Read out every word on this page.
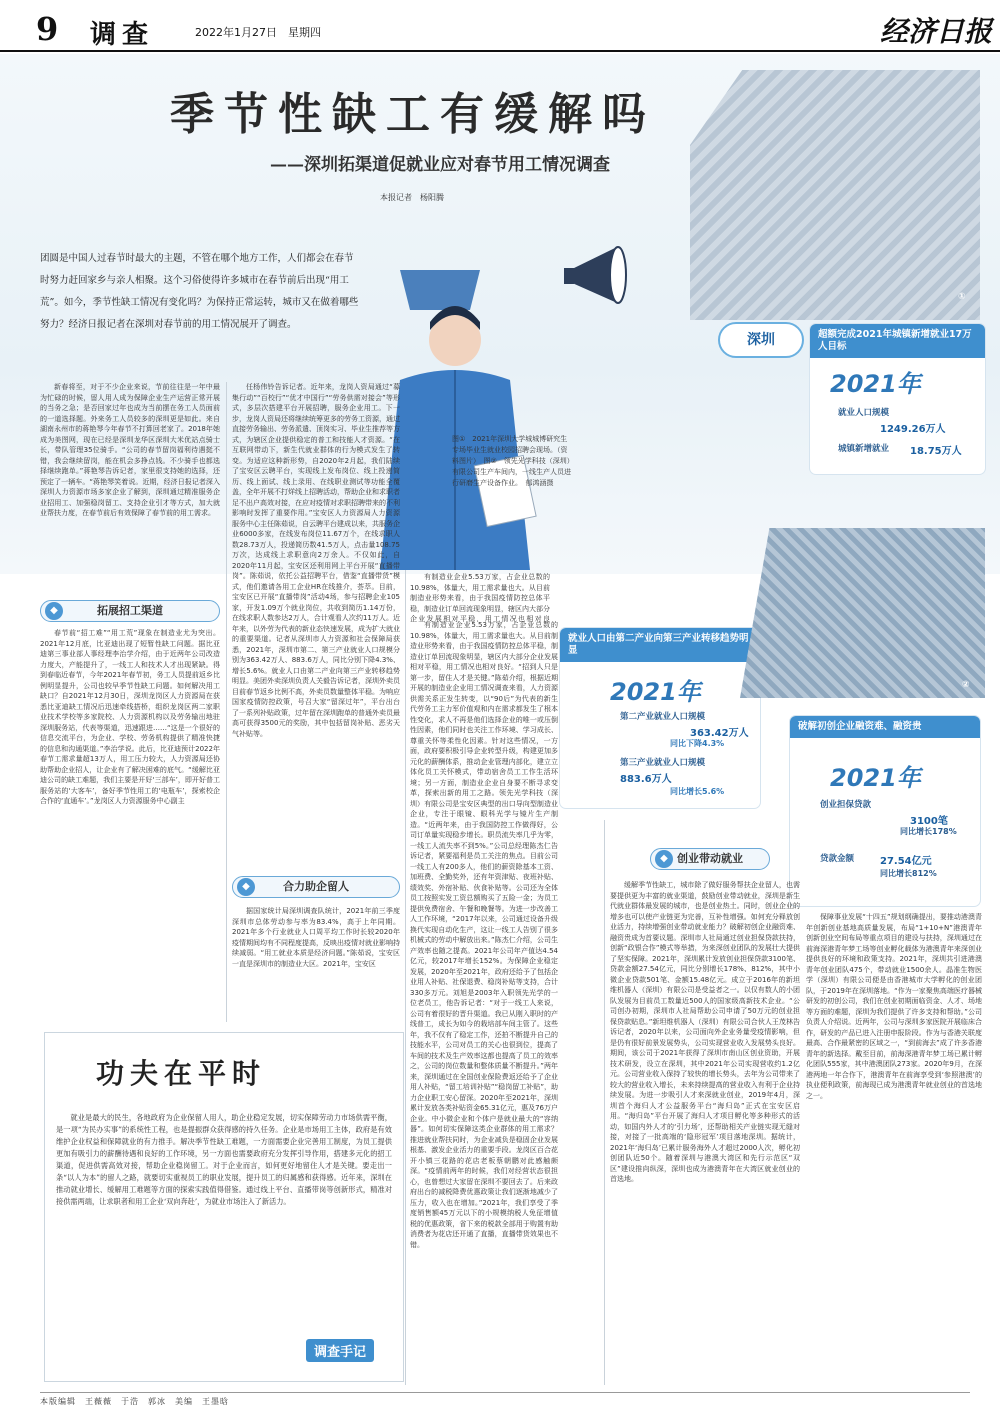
9 调查	2022年1月27日　星期四	经济日报
①
季节性缺工有缓解吗
——深圳拓渠道促就业应对春节用工情况调查
本报记者　杨阳腾
团圆是中国人过春节时最大的主题，不管在哪个地方工作，人们都会在春节时努力赶回家乡与亲人相聚。这个习俗使得许多城市在春节前后出现“用工荒”。如今，季节性缺工情况有变化吗？为保持正常运转，城市又在做着哪些努力？经济日报记者在深圳对春节前的用工情况展开了调查。
深圳	超额完成2021年城镇新增就业17万人目标
2021年
就业人口规模
1249.26万人
城镇新增就业 18.75万人
就业人口由第二产业向第三产业转移趋势明显
2021年
第二产业就业人口规模
363.42万人
同比下降4.3%
第三产业就业人口规模
883.6万人
同比增长5.6%
②
破解初创企业融资难、融资贵
2021年
创业担保贷款
3100笔
同比增长178%
贷款金额	27.54亿元
同比增长812%
图①　2021年深圳大学城城博研究生专场毕业生就业校园招聘会现场。（资料图片）　图②　领先光学科技（深圳）有限公司生产车间内，一线生产人员进行研磨生产设备作业。　郁鸿涵摄

新春将至，对于不少企业来说，节前往往是一年中最为忙碌的时候，留人用人成为保障企业生产运营正常开展的当务之急；是否回家过年也成为当前摆在务工人员面前的一道选择题。外来务工人员较多的深圳更是如此。来自湖南永州市的蒋艳琴今年春节不打算回老家了。2018年她成为美图网，现在已经是深圳龙华区深圳大米优站点骑士长，带队管理35位骑手。“公司的春节留岗福利待遇挺不错，我会继续留岗，能在机会多挣点钱。不少骑手也都选择继续跑单。”蒋艳琴告诉记者，家里很支持她的选择，还预定了一辆车。“蒋艳琴笑着说。近期，经济日报记者深入深圳人力资源市场多家企业了解到，深圳通过精准服务企业招用工、加强稳岗留工、支持企业引才等方式，加大就业帮扶力度，在春节前后有效保障了春节前的用工需求。

◆	拓展招工渠道

春节前“招工难”“用工荒”现象在制造业尤为突出。2021年12月底，比亚迪出现了短暂性缺工问题。据比亚迪第三事业部人事经理李治学介绍，由于近两年公司改造力度大，产能提升了，一线工人和技术人才出现紧缺。得到春临近春节，今年2021年春节初，务工人员提前返乡比例明显提升，公司也较早季节性缺工问题。如何解决用工缺口？自2021年12月30日，深圳龙岗区人力资源局在获悉比亚迪缺工情况后迅速牵线搭桥，组织龙岗区两二家职业技术学校等多家院校、人力资源机构以及劳务输出地驻深圳服务站，代表等渠道，迅速跟进……“这是一个很好的信息交流平台，为企业、学校、劳务机构提供了精准快捷的信息和沟通渠道。”李治学说。此后，比亚迪预计2022年春节工需求量超13万人，用工压力较大，人力资源局还协助帮助企业招人，让企业有了解决困难的底气。“缓解比亚迪公司的缺工难题，我们主要是开好‘三部车’，即开好普工服务站的‘大客车’，备好季节性用工的‘电瓶车’，探索校企合作的‘直通车’。”龙岗区人力资源服务中心副主

任杨伟铃告诉记者。近年来，龙岗人资局通过“募集行动”“百校行”“优才中国行”“劳务供需对接会”等形式，多层次搭建平台开展招聘，服务企业用工。下一步，龙岗人资局还将继续统筹更多的劳务工资源，通过直接劳务输出、劳务派遣、顶岗实习、毕业生推荐等方式，为辖区企业提供稳定的普工和技能人才资源。“在互联网带动下，新生代就业群体的行为模式发生了转变。为适应这种新形势，自2020年2月起，我们陆续了宝安区云聘平台，实现线上发布岗位、线上投递简历、线上面试、线上录用、在线职业测试等功能全覆盖，全年开展不打烊线上招聘活动，帮助企业和求职者足不出户高效对接，在应对疫情对求职招聘带来的不利影响时发挥了重要作用。”宝安区人力资源局人力资源服务中心主任陈茹说，自云聘平台建成以来，共服务企业6000多家，在线发布岗位11.67万个，在线求职人数28.73万人，投递简历数41.5万人，点击量108.75万次，达成线上求职意向2万余人。不仅如此，自2020年11月起，宝安区还利用网上平台开展“直播带岗”。陈茹说，依托公益招聘平台，借鉴“直播带货”模式，他们邀请各用工企业HR在线推介，荟萃。目前，宝安区已开展“直播带岗”活动4场，参与招聘企业105家，开发1.09万个就业岗位，共收到简历1.14万份，在线求职人数参达2万人，合计观看人次约11万人。近年来，以外劳为代表的新业态快速发展，成为扩大就业的重要渠道。记者从深圳市人力资源和社会保障局获悉，2021年，深圳市第二、第三产业就业人口规模分别为363.42万人、883.6万人，同比分别下降4.3%、增长5.6%。就业人口由第二产业向第三产业转移趋势明显。美团外卖深圳负责人关毅告诉记者，深圳外卖员目前春节返乡比例不高，外卖员数量整体平稳。为响应国家疫情防控政策，号召大家“留深过年”，平台出台了一系列补贴政策，过年留在深圳跑单的普通外卖员最高可获得3500元的奖励，其中包括留岗补贴、恶劣天气补贴等。

◆	合力助企留人

据国家统计局深圳调查队统计，2021年前三季度深圳市总体劳动参与率为83.4%，高于上年同期。2021年多个行业就业人口周平均工作时长较2020年疫情期间均有不同程度提高，反映出疫情对就业影响持续减弱。“用工就业本质是经济问题。”陈茹说，宝安区一直是深圳市的制造业大区。2021年，宝安区

有制造业企业5.53万家，占企业总数的10.98%，体量大，用工需求量也大。从目前制造业形势来看，由于我国疫情防控总体平稳，制造业订单回流现象明显，辖区内大部分企业发展相对平稳，用工情况也相对良

有制造业企业5.53万家，占企业总数的10.98%，体量大，用工需求量也大。从目前制造业形势来看，由于我国疫情防控总体平稳，制造业订单回流现象明显，辖区内大部分企业发展相对平稳，用工情况也相对良好。“招到人只是第一步，留住人才是关键。”陈茹介绍，根据近期开展的制造业企业用工情况调查来看，人力资源供需关系正发生转变，以“90后”为代表的新生代劳务工主力军价值观和内在需求都发生了根本性变化，求人不再是他们选择企业的唯一或压倒性因素，他们同时也关注工作环境、学习成长、尊重关怀等柔性化因素。针对这些情况，一方面，政府要积极引导企业转型升级，构建更加多元化的薪酬体系，推动企业管理内部化，建立立体化员工关怀模式，带动宿舍员工工作生活环境；另一方面，制造业企业自身要不断寻求变革，探索出新的用工之路。领先光学科技（深圳）有限公司是宝安区典型的出口导向型制造业企业，专注于眼镜、眼科光学与镜片生产制造。“近两年来，由于我国防控工作做得好，公司订单量实现稳步增长。职员流失率几乎为零，一线工人流失率不到5%。”公司总经理陈杰仁告诉记者，紧要福利是员工关注的焦点。目前公司一线工人有200多人，他们的薪资除基本工资、加班费、全勤奖外，还有年资津贴、夜班补贴、绩效奖、外宿补贴、伙食补贴等。公司还为全体员工按照实发工资总额购买了五险一金；为员工提供免费宿舍、午餐和晚餐等。为进一步改善工人工作环境，“2017年以来，公司通过设备升级换代实现自动化生产，这让一线工人告别了很多机械式的劳动中解放出来。”陈杰仁介绍，公司生产效率也随之提高。2021年公司年产值达4.54亿元，较2017年增长152%。为保障企业稳定发展，2020年至2021年，政府还给予了包括企业用人补贴、社保退费、稳岗补贴等支持，合计330多万元。刘旭是2003年入职领先光学的一位老员工，他告诉记者：“对于一线工人来说，公司有着很好的晋升渠道。我已从刚入职时的产线普工，成长为如今的栽培部车间主管了。这些年，我不仅有了稳定工作，还拍不断提升自己的技能水平，公司对员工的关心也很到位，提高了车间的技术及生产效率这都也提高了员工的效率之，公司的岗位数量和整体质量不断提升。”两年来，深圳通过在全国创业保险费返还给予了企业用人补贴，“留工培训补贴”“稳岗留工补贴”，助力企业职工安心留深。2020年至2021年，深圳累计发放各类补贴资金65.31亿元，惠及76万户企业。中小微企业和个体户是就业最大的“容纳器”。如何切实保障这类企业群体的用工需求？推进就业帮扶同时，为企业减负是稳固企业发展根基、激发企业活力的重要手段。龙岗区百合花开小镇三花路的花店老板蔡朝鹏对此感触颇深。“疫情前两年的时候，我们对经营状态很担心，也曾想过大家留在深圳不要回去了。后来政府出台的减税降费优惠政策让我们逐渐地减少了压力，收入也在增加。”2021年，我们享受了季度销售额45万元以下的小规模纳税人免征增值税的优惠政策，省下来的税款全部用于购置有助消费者为花店还开通了直播，直播带货效果也不错。

◆ 创业带动就业

缓解季节性缺工，城市除了做好服务帮扶企业留人，也需要提供更为丰富的就业渠道，鼓励创业带动就业，深圳是新生代就业群体最发展的城市，也是创业热土。同时，创业企业的增多也可以使产业链更为完善，互补性增强。如何充分释放创业活力，持续增强创业带动就业能力？破解初创企业融资难、融资贵成为首要议题。深圳市人社局通过创业担保贷款扶持，创新“政银合作”模式等举措，为来深创业团队的发展壮大提供了坚实保障。2021年，深圳累计发放创业担保贷款3100笔、贷款金额27.54亿元，同比分别增长178%、812%，其中小微企业贷款501笔、金额15.48亿元。成立于2016年的新坦维机器人（深圳）有限公司是受益者之一。以仅有数人的小团队发展为目前员工数量近500人的国家级高新技术企业。“公司创办初期，深圳市人社局帮助公司申请了50万元的创业担保贷款贴息。”新坦维机器人（深圳）有限公司合伙人王茂林告诉记者，2020年以来，公司面向外企业务量受疫情影响，但是仍有很好前景发展势头，公司实现营业收入发展势头良好。期间，该公司于2021年获得了深圳市南山区创业资助，开展技术研发，设立在深圳，其中2021年公司实现营收约1.2亿元。公司营业收入保持了较快的增长势头，去年为公司带来了较大的营业收入增长，未来持续提高的营业收入有利于企业持续发展。为进一步吸引人才来深就业创业，2019年4月，深圳首个海归人才公益服务平台“海归岛”正式在宝安区启用。“海归岛”平台开展了海归人才项目孵化等多种形式的活动，如国内外人才的‘引力场’，还帮助相关产业链实现无缝对接，对接了一批高端的‘隐形冠军’项目落地深圳。据统计，2021年‘海归岛’已累计服务海外人才超过2000人次，孵化初创团队近50个。随着深圳与港澳大湾区和先行示范区“双区”建设推向纵深，深圳也成为港澳青年在大湾区就业创业的首选地。

保障事业发展“十四五”规划纲确提出，要推动港澳青年创新创业基地高质量发展，布局“1+10+N”港澳青年创新创业空间布局等重点项目的建设与扶持，深圳通过在前海深港青年梦工场等创业孵化载体为港澳青年来深创业提供良好的环境和政策支持。2021年，深圳共引进港澳青年创业团队475个，带动就业1500余人。晶准生物医学（深圳）有限公司便是由香港城市大学孵化的创业团队，于2019年在深圳落地。“作为一家聚焦高端医疗器械研发的初创公司，我们在创业初期面临资金、人才、场地等方面的难题，深圳为我们提供了许多支持和帮助。”公司负责人介绍说。近两年，公司与深圳多家医院开展临床合作，研发的产品已进入注册申报阶段。作为与香港关联度最高、合作最紧密的区域之一，“到前海去”成了许多香港青年的新选择。戴至目前，前海深港青年梦工场已累计孵化团队555家，其中港澳团队273家。2020年9月，在深港两地一年合作下，港澳青年在前海享受到‘参照港澳’的执业便利政策，前海现已成为港澳青年就业创业的首选地之一。

功夫在平时

就业是最大的民生，各地政府为企业保留人用人，助企业稳定发展，切实保障劳动力市场供需平衡，是一项“为民办实事”的系统性工程，也是提振群众获得感的持久任务。企业是市场用工主体，政府是有效维护企业权益和保障就业的有力推手。解决季节性缺工难题，一方面需要企业完善用工制度，为员工提供更加有吸引力的薪酬待遇和良好的工作环境，另一方面也需要政府充分发挥引导作用，搭建多元化的招工渠道，促进供需高效对接，帮助企业稳岗留工。对于企业而言，如何更好地留住人才是关键。要走出一条“以人为本”的留人之路，就要切实重视员工的职业发展，提升员工的归属感和获得感。近年来，深圳在推动就业增长、缓解用工难题等方面的探索实践值得借鉴。通过线上平台、直播带岗等创新形式，精准对接供需两端，让求职者和用工企业‘双向奔赴’，为就业市场注入了新活力。

调查手记
本版编辑　王薇薇　于浩　郭冰　美编　王墨晗
